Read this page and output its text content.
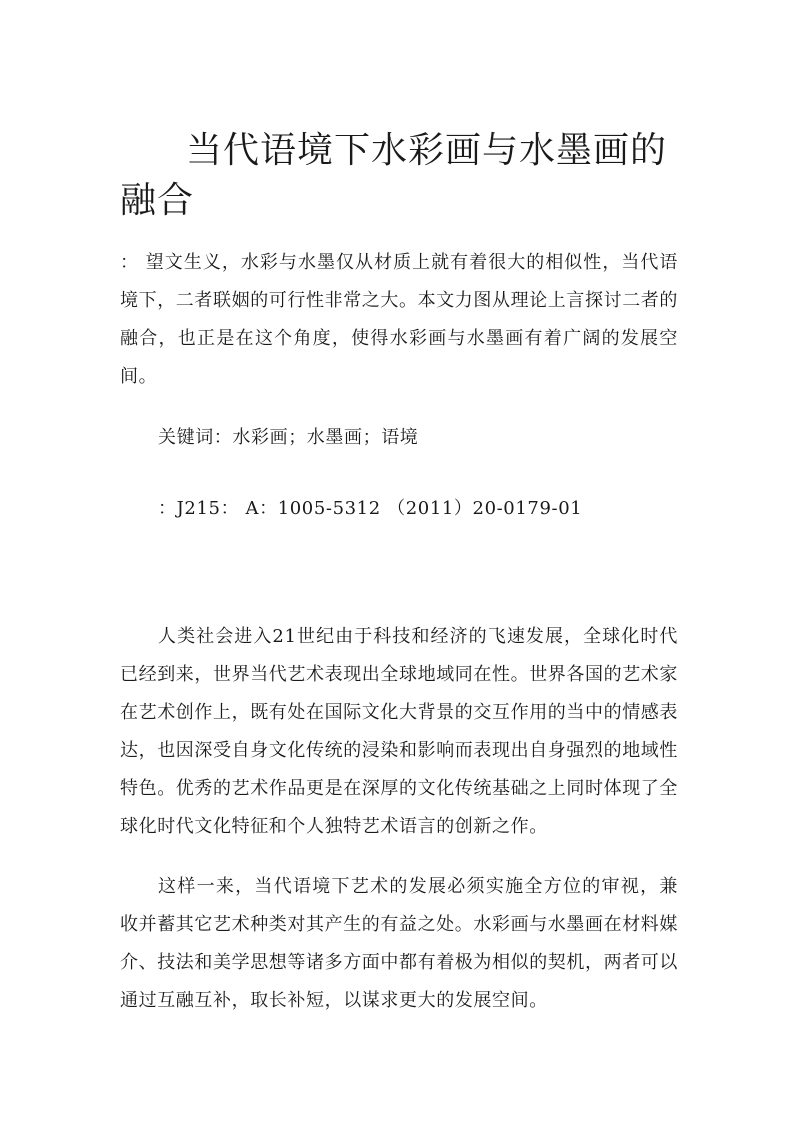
当代语境下水彩画与水墨画的融合

： 望文生义，水彩与水墨仅从材质上就有着很大的相似性，当代语境下，二者联姻的可行性非常之大。本文力图从理论上言探讨二者的融合，也正是在这个角度，使得水彩画与水墨画有着广阔的发展空间。

关键词：水彩画；水墨画；语境

：J215： A：1005-5312 （2011）20-0179-01

人类社会进入21世纪由于科技和经济的飞速发展，全球化时代已经到来，世界当代艺术表现出全球地域同在性。世界各国的艺术家在艺术创作上，既有处在国际文化大背景的交互作用的当中的情感表达，也因深受自身文化传统的浸染和影响而表现出自身强烈的地域性特色。优秀的艺术作品更是在深厚的文化传统基础之上同时体现了全球化时代文化特征和个人独特艺术语言的创新之作。

这样一来，当代语境下艺术的发展必须实施全方位的审视，兼收并蓄其它艺术种类对其产生的有益之处。水彩画与水墨画在材料媒介、技法和美学思想等诸多方面中都有着极为相似的契机，两者可以通过互融互补，取长补短，以谋求更大的发展空间。
